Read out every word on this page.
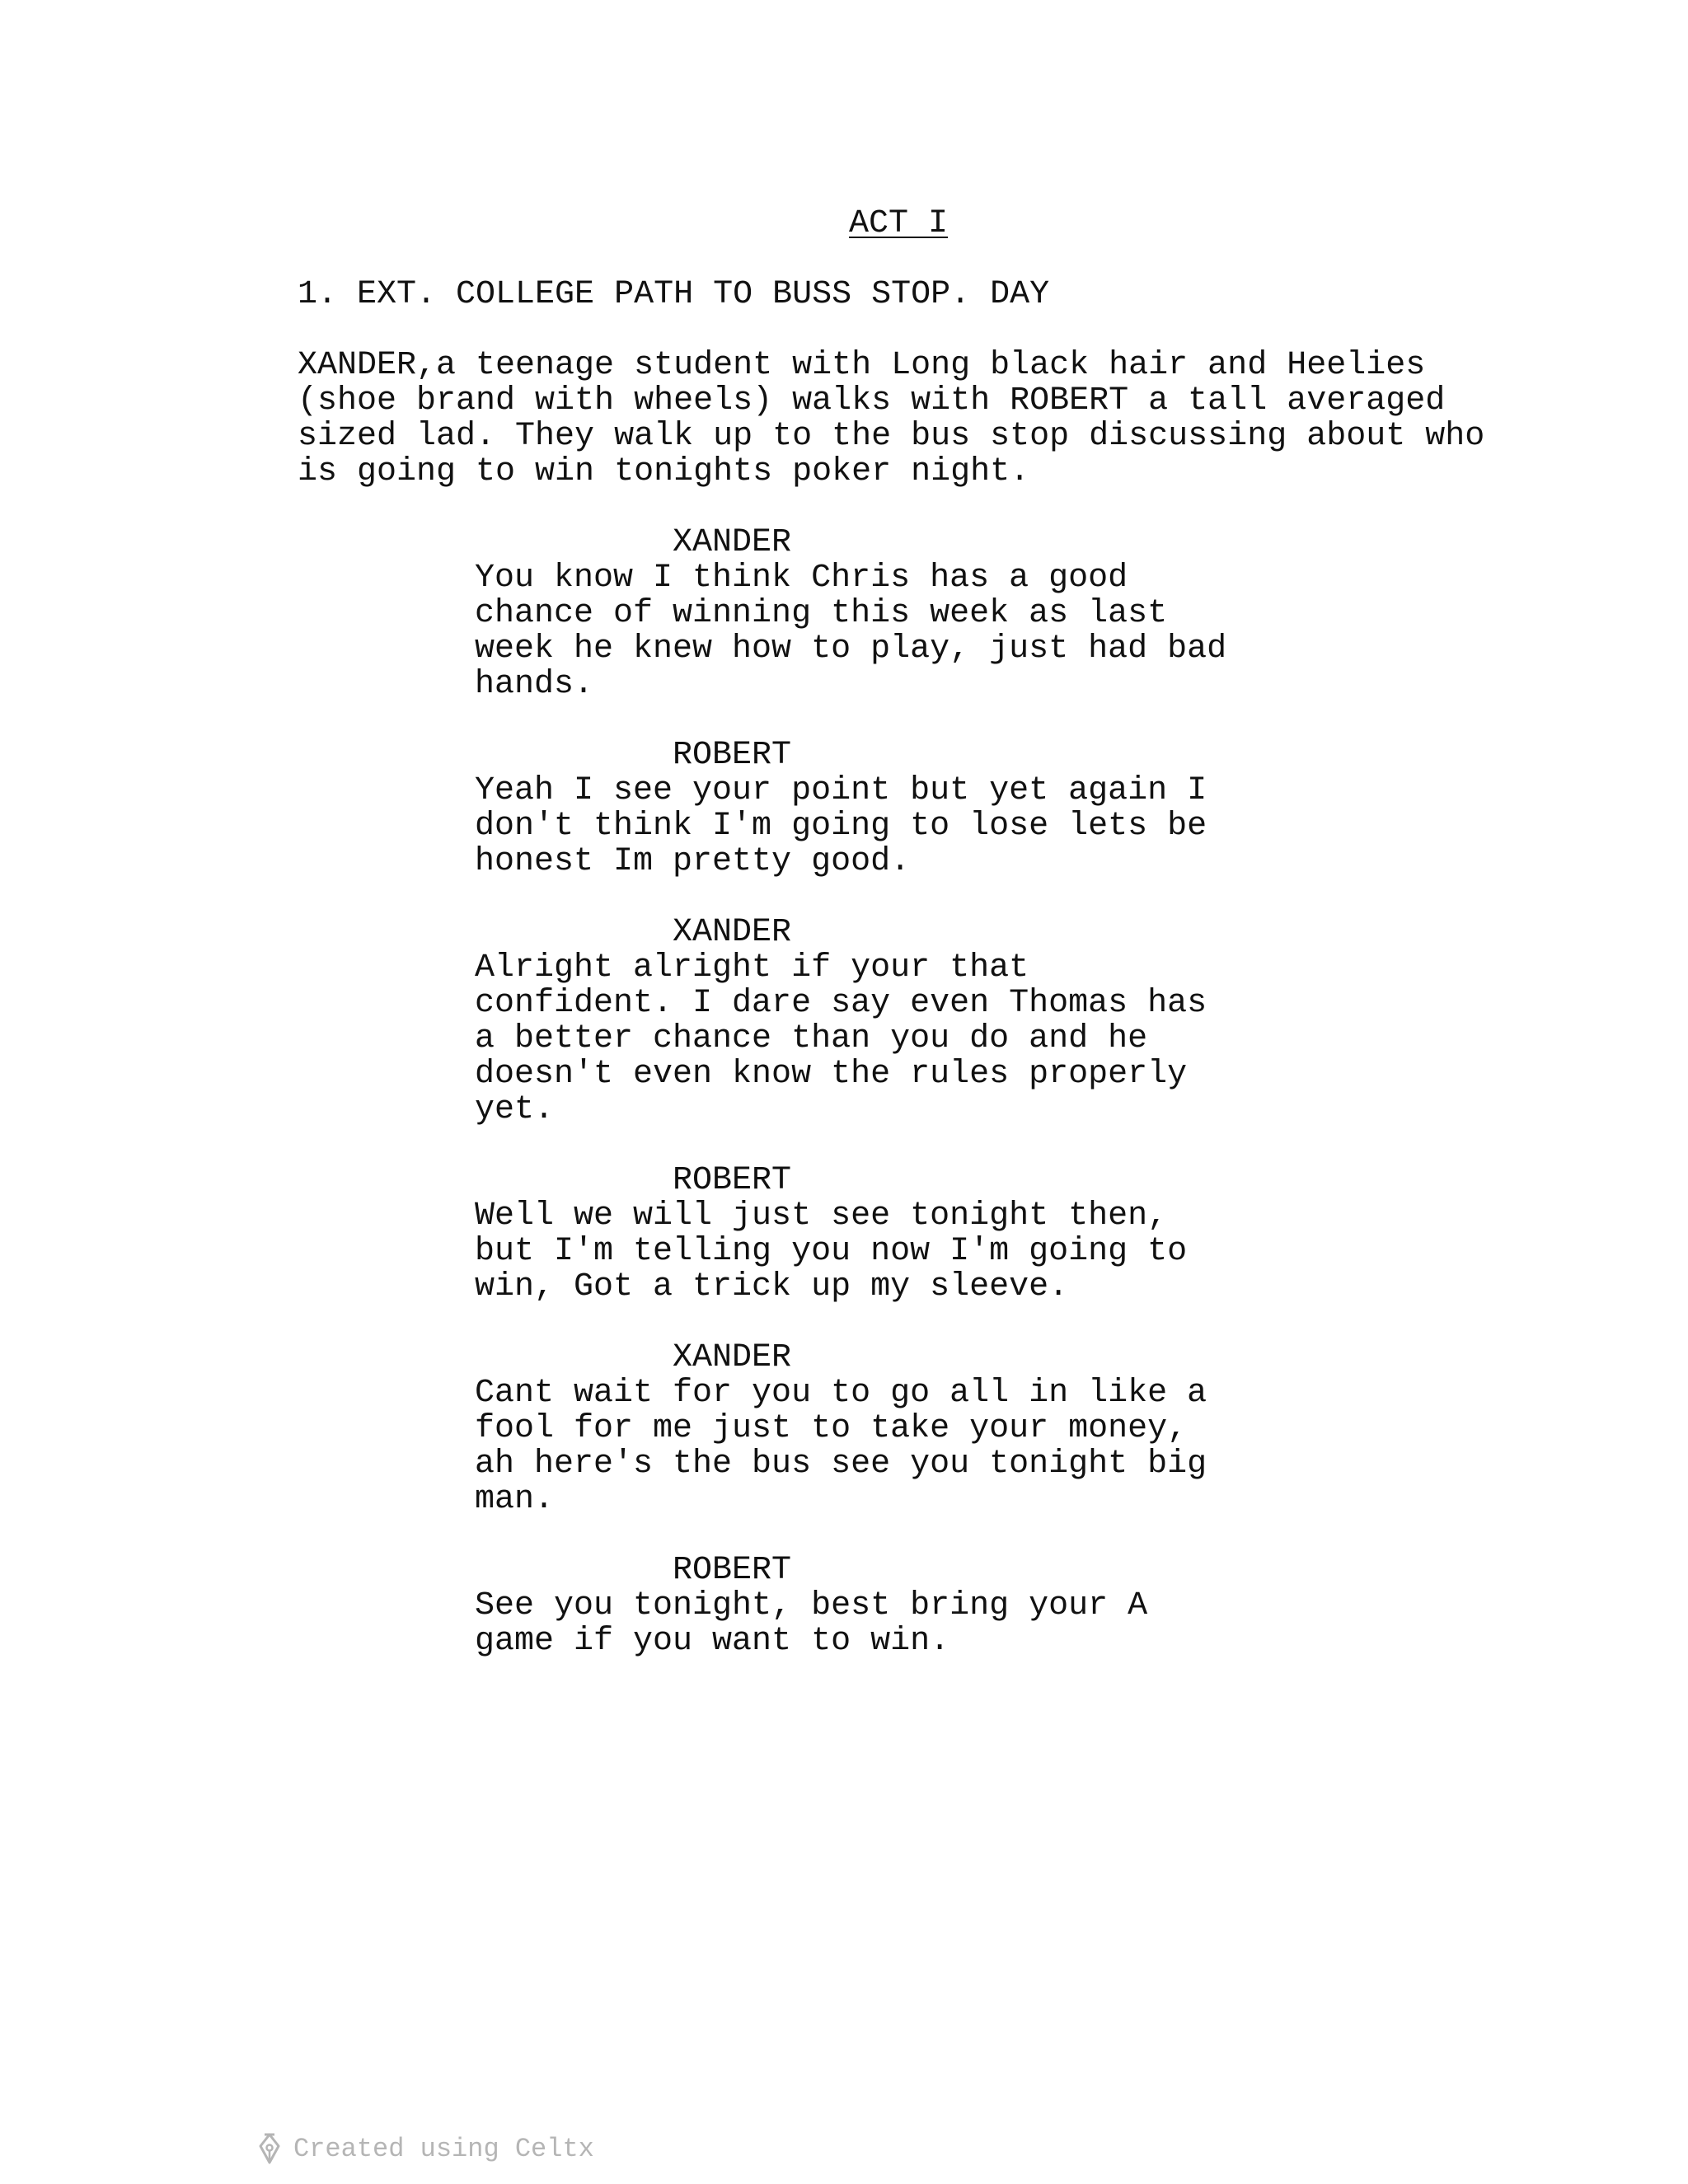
ACT I
1. EXT. COLLEGE PATH TO BUSS STOP. DAY
XANDER,a teenage student with Long black hair and Heelies
(shoe brand with wheels) walks with ROBERT a tall averaged
sized lad. They walk up to the bus stop discussing about who
is going to win tonights poker night.
XANDER
You know I think Chris has a good
chance of winning this week as last
week he knew how to play, just had bad
hands.
ROBERT
Yeah I see your point but yet again I
don't think I'm going to lose lets be
honest Im pretty good.
XANDER
Alright alright if your that
confident. I dare say even Thomas has
a better chance than you do and he
doesn't even know the rules properly
yet.
ROBERT
Well we will just see tonight then,
but I'm telling you now I'm going to
win, Got a trick up my sleeve.
XANDER
Cant wait for you to go all in like a
fool for me just to take your money,
ah here's the bus see you tonight big
man.
ROBERT
See you tonight, best bring your A
game if you want to win.
Created using Celtx
